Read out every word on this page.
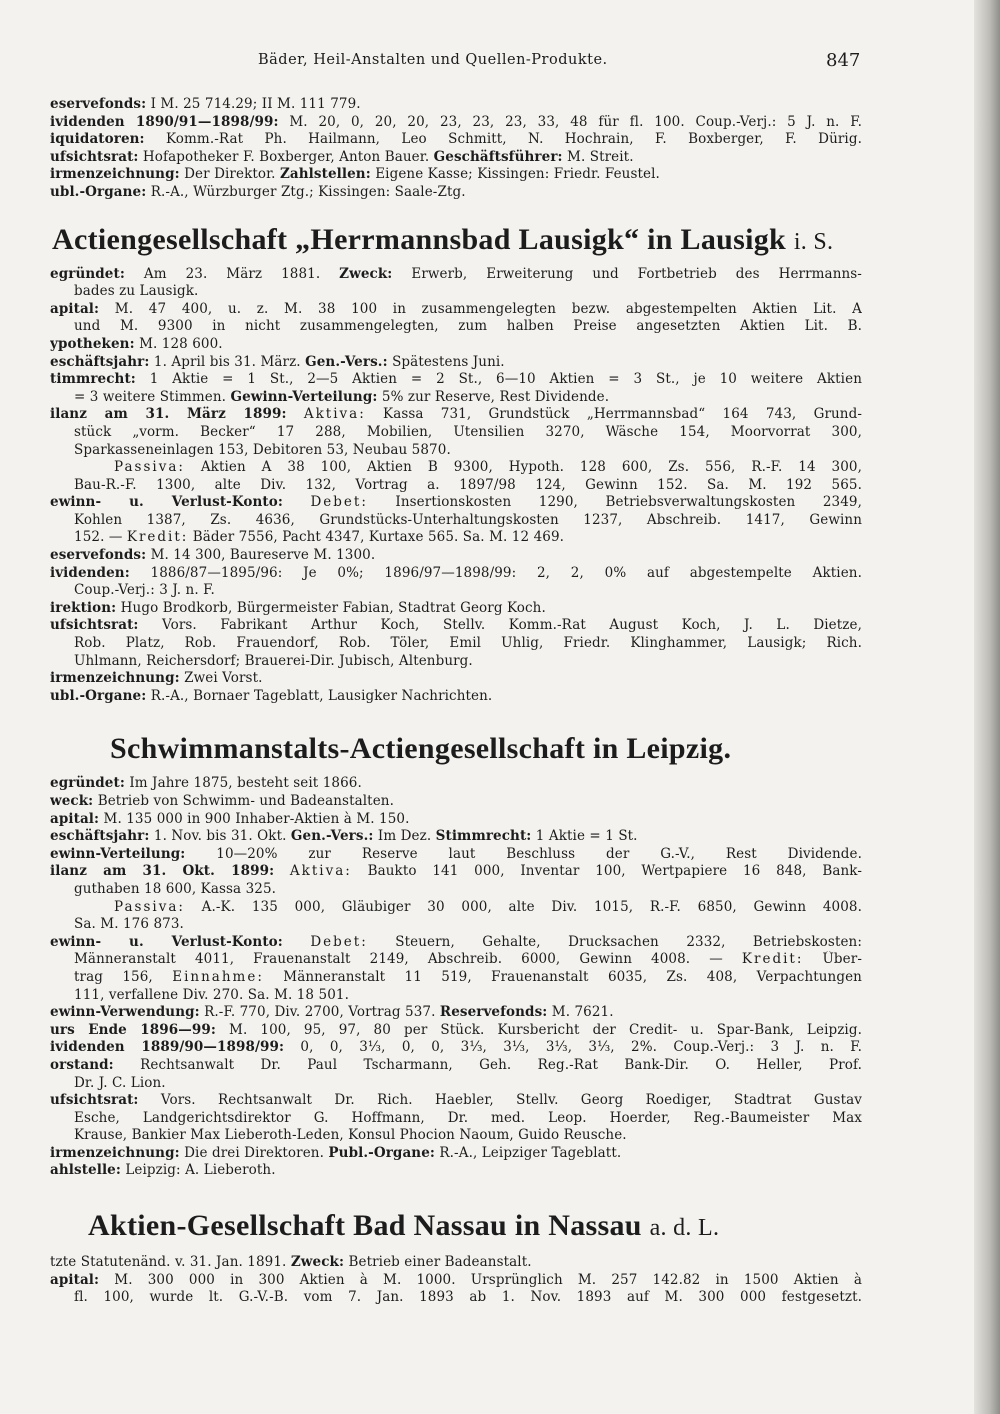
Bäder, Heil-Anstalten und Quellen-Produkte.	847
eservefonds: I M. 25 714.29; II M. 111 779.
ividenden 1890/91—1898/99: M. 20, 0, 20, 20, 23, 23, 23, 33, 48 für fl. 100. Coup.-Verj.: 5 J. n. F.
iquidatoren: Komm.-Rat Ph. Hailmann, Leo Schmitt, N. Hochrain, F. Boxberger, F. Dürig.
ufsichtsrat: Hofapotheker F. Boxberger, Anton Bauer. Geschäftsführer: M. Streit.
irmenzeichnung: Der Direktor. Zahlstellen: Eigene Kasse; Kissingen: Friedr. Feustel.
ubl.-Organe: R.-A., Würzburger Ztg.; Kissingen: Saale-Ztg.
Actiengesellschaft „Herrmannsbad Lausigk“ in Lausigk i. S.
egründet: Am 23. März 1881. Zweck: Erwerb, Erweiterung und Fortbetrieb des Herrmanns-
bades zu Lausigk.
apital: M. 47 400, u. z. M. 38 100 in zusammengelegten bezw. abgestempelten Aktien Lit. A
und M. 9300 in nicht zusammengelegten, zum halben Preise angesetzten Aktien Lit. B.
ypotheken: M. 128 600.
eschäftsjahr: 1. April bis 31. März. Gen.-Vers.: Spätestens Juni.
timmrecht: 1 Aktie = 1 St., 2—5 Aktien = 2 St., 6—10 Aktien = 3 St., je 10 weitere Aktien
= 3 weitere Stimmen. Gewinn-Verteilung: 5% zur Reserve, Rest Dividende.
ilanz am 31. März 1899: Aktiva: Kassa 731, Grundstück „Herrmannsbad“ 164 743, Grund-
stück „vorm. Becker“ 17 288, Mobilien, Utensilien 3270, Wäsche 154, Moorvorrat 300,
Sparkasseneinlagen 153, Debitoren 53, Neubau 5870.
Passiva: Aktien A 38 100, Aktien B 9300, Hypoth. 128 600, Zs. 556, R.-F. 14 300,
Bau-R.-F. 1300, alte Div. 132, Vortrag a. 1897/98 124, Gewinn 152. Sa. M. 192 565.
ewinn- u. Verlust-Konto: Debet: Insertionskosten 1290, Betriebsverwaltungskosten 2349,
Kohlen 1387, Zs. 4636, Grundstücks-Unterhaltungskosten 1237, Abschreib. 1417, Gewinn
152. — Kredit: Bäder 7556, Pacht 4347, Kurtaxe 565. Sa. M. 12 469.
eservefonds: M. 14 300, Baureserve M. 1300.
ividenden: 1886/87—1895/96: Je 0%; 1896/97—1898/99: 2, 2, 0% auf abgestempelte Aktien.
Coup.-Verj.: 3 J. n. F.
irektion: Hugo Brodkorb, Bürgermeister Fabian, Stadtrat Georg Koch.
ufsichtsrat: Vors. Fabrikant Arthur Koch, Stellv. Komm.-Rat August Koch, J. L. Dietze,
Rob. Platz, Rob. Frauendorf, Rob. Töler, Emil Uhlig, Friedr. Klinghammer, Lausigk; Rich.
Uhlmann, Reichersdorf; Brauerei-Dir. Jubisch, Altenburg.
irmenzeichnung: Zwei Vorst.
ubl.-Organe: R.-A., Bornaer Tageblatt, Lausigker Nachrichten.
Schwimmanstalts-Actiengesellschaft in Leipzig.
egründet: Im Jahre 1875, besteht seit 1866.
weck: Betrieb von Schwimm- und Badeanstalten.
apital: M. 135 000 in 900 Inhaber-Aktien à M. 150.
eschäftsjahr: 1. Nov. bis 31. Okt. Gen.-Vers.: Im Dez. Stimmrecht: 1 Aktie = 1 St.
ewinn-Verteilung: 10—20% zur Reserve laut Beschluss der G.-V., Rest Dividende.
ilanz am 31. Okt. 1899: Aktiva: Baukto 141 000, Inventar 100, Wertpapiere 16 848, Bank-
guthaben 18 600, Kassa 325.
Passiva: A.-K. 135 000, Gläubiger 30 000, alte Div. 1015, R.-F. 6850, Gewinn 4008.
Sa. M. 176 873.
ewinn- u. Verlust-Konto: Debet: Steuern, Gehalte, Drucksachen 2332, Betriebskosten:
Männeranstalt 4011, Frauenanstalt 2149, Abschreib. 6000, Gewinn 4008. — Kredit: Über-
trag 156, Einnahme: Männeranstalt 11 519, Frauenanstalt 6035, Zs. 408, Verpachtungen
111, verfallene Div. 270. Sa. M. 18 501.
ewinn-Verwendung: R.-F. 770, Div. 2700, Vortrag 537. Reservefonds: M. 7621.
urs Ende 1896—99: M. 100, 95, 97, 80 per Stück. Kursbericht der Credit- u. Spar-Bank, Leipzig.
ividenden 1889/90—1898/99: 0, 0, 3⅓, 0, 0, 3⅓, 3⅓, 3⅓, 3⅓, 2%. Coup.-Verj.: 3 J. n. F.
orstand: Rechtsanwalt Dr. Paul Tscharmann, Geh. Reg.-Rat Bank-Dir. O. Heller, Prof.
Dr. J. C. Lion.
ufsichtsrat: Vors. Rechtsanwalt Dr. Rich. Haebler, Stellv. Georg Roediger, Stadtrat Gustav
Esche, Landgerichtsdirektor G. Hoffmann, Dr. med. Leop. Hoerder, Reg.-Baumeister Max
Krause, Bankier Max Lieberoth-Leden, Konsul Phocion Naoum, Guido Reusche.
irmenzeichnung: Die drei Direktoren. Publ.-Organe: R.-A., Leipziger Tageblatt.
ahlstelle: Leipzig: A. Lieberoth.
Aktien-Gesellschaft Bad Nassau in Nassau a. d. L.
tzte Statutenänd. v. 31. Jan. 1891. Zweck: Betrieb einer Badeanstalt.
apital: M. 300 000 in 300 Aktien à M. 1000. Ursprünglich M. 257 142.82 in 1500 Aktien à
fl. 100, wurde lt. G.-V.-B. vom 7. Jan. 1893 ab 1. Nov. 1893 auf M. 300 000 festgesetzt.
